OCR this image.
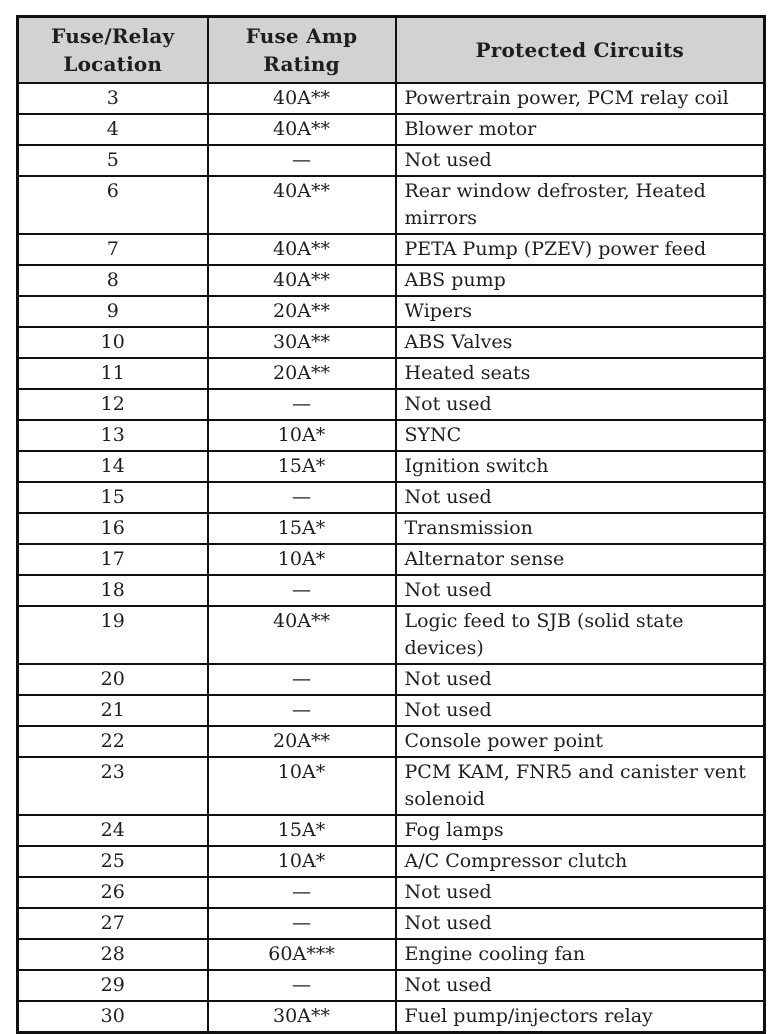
Fuse/Relay Location	Fuse Amp Rating	Protected Circuits
3	40A**	Powertrain power, PCM relay coil
4	40A**	Blower motor
5	—	Not used
6	40A**	Rear window defroster, Heated mirrors
7	40A**	PETA Pump (PZEV) power feed
8	40A**	ABS pump
9	20A**	Wipers
10	30A**	ABS Valves
11	20A**	Heated seats
12	—	Not used
13	10A*	SYNC
14	15A*	Ignition switch
15	—	Not used
16	15A*	Transmission
17	10A*	Alternator sense
18	—	Not used
19	40A**	Logic feed to SJB (solid state devices)
20	—	Not used
21	—	Not used
22	20A**	Console power point
23	10A*	PCM KAM, FNR5 and canister vent solenoid
24	15A*	Fog lamps
25	10A*	A/C Compressor clutch
26	—	Not used
27	—	Not used
28	60A***	Engine cooling fan
29	—	Not used
30	30A**	Fuel pump/injectors relay
